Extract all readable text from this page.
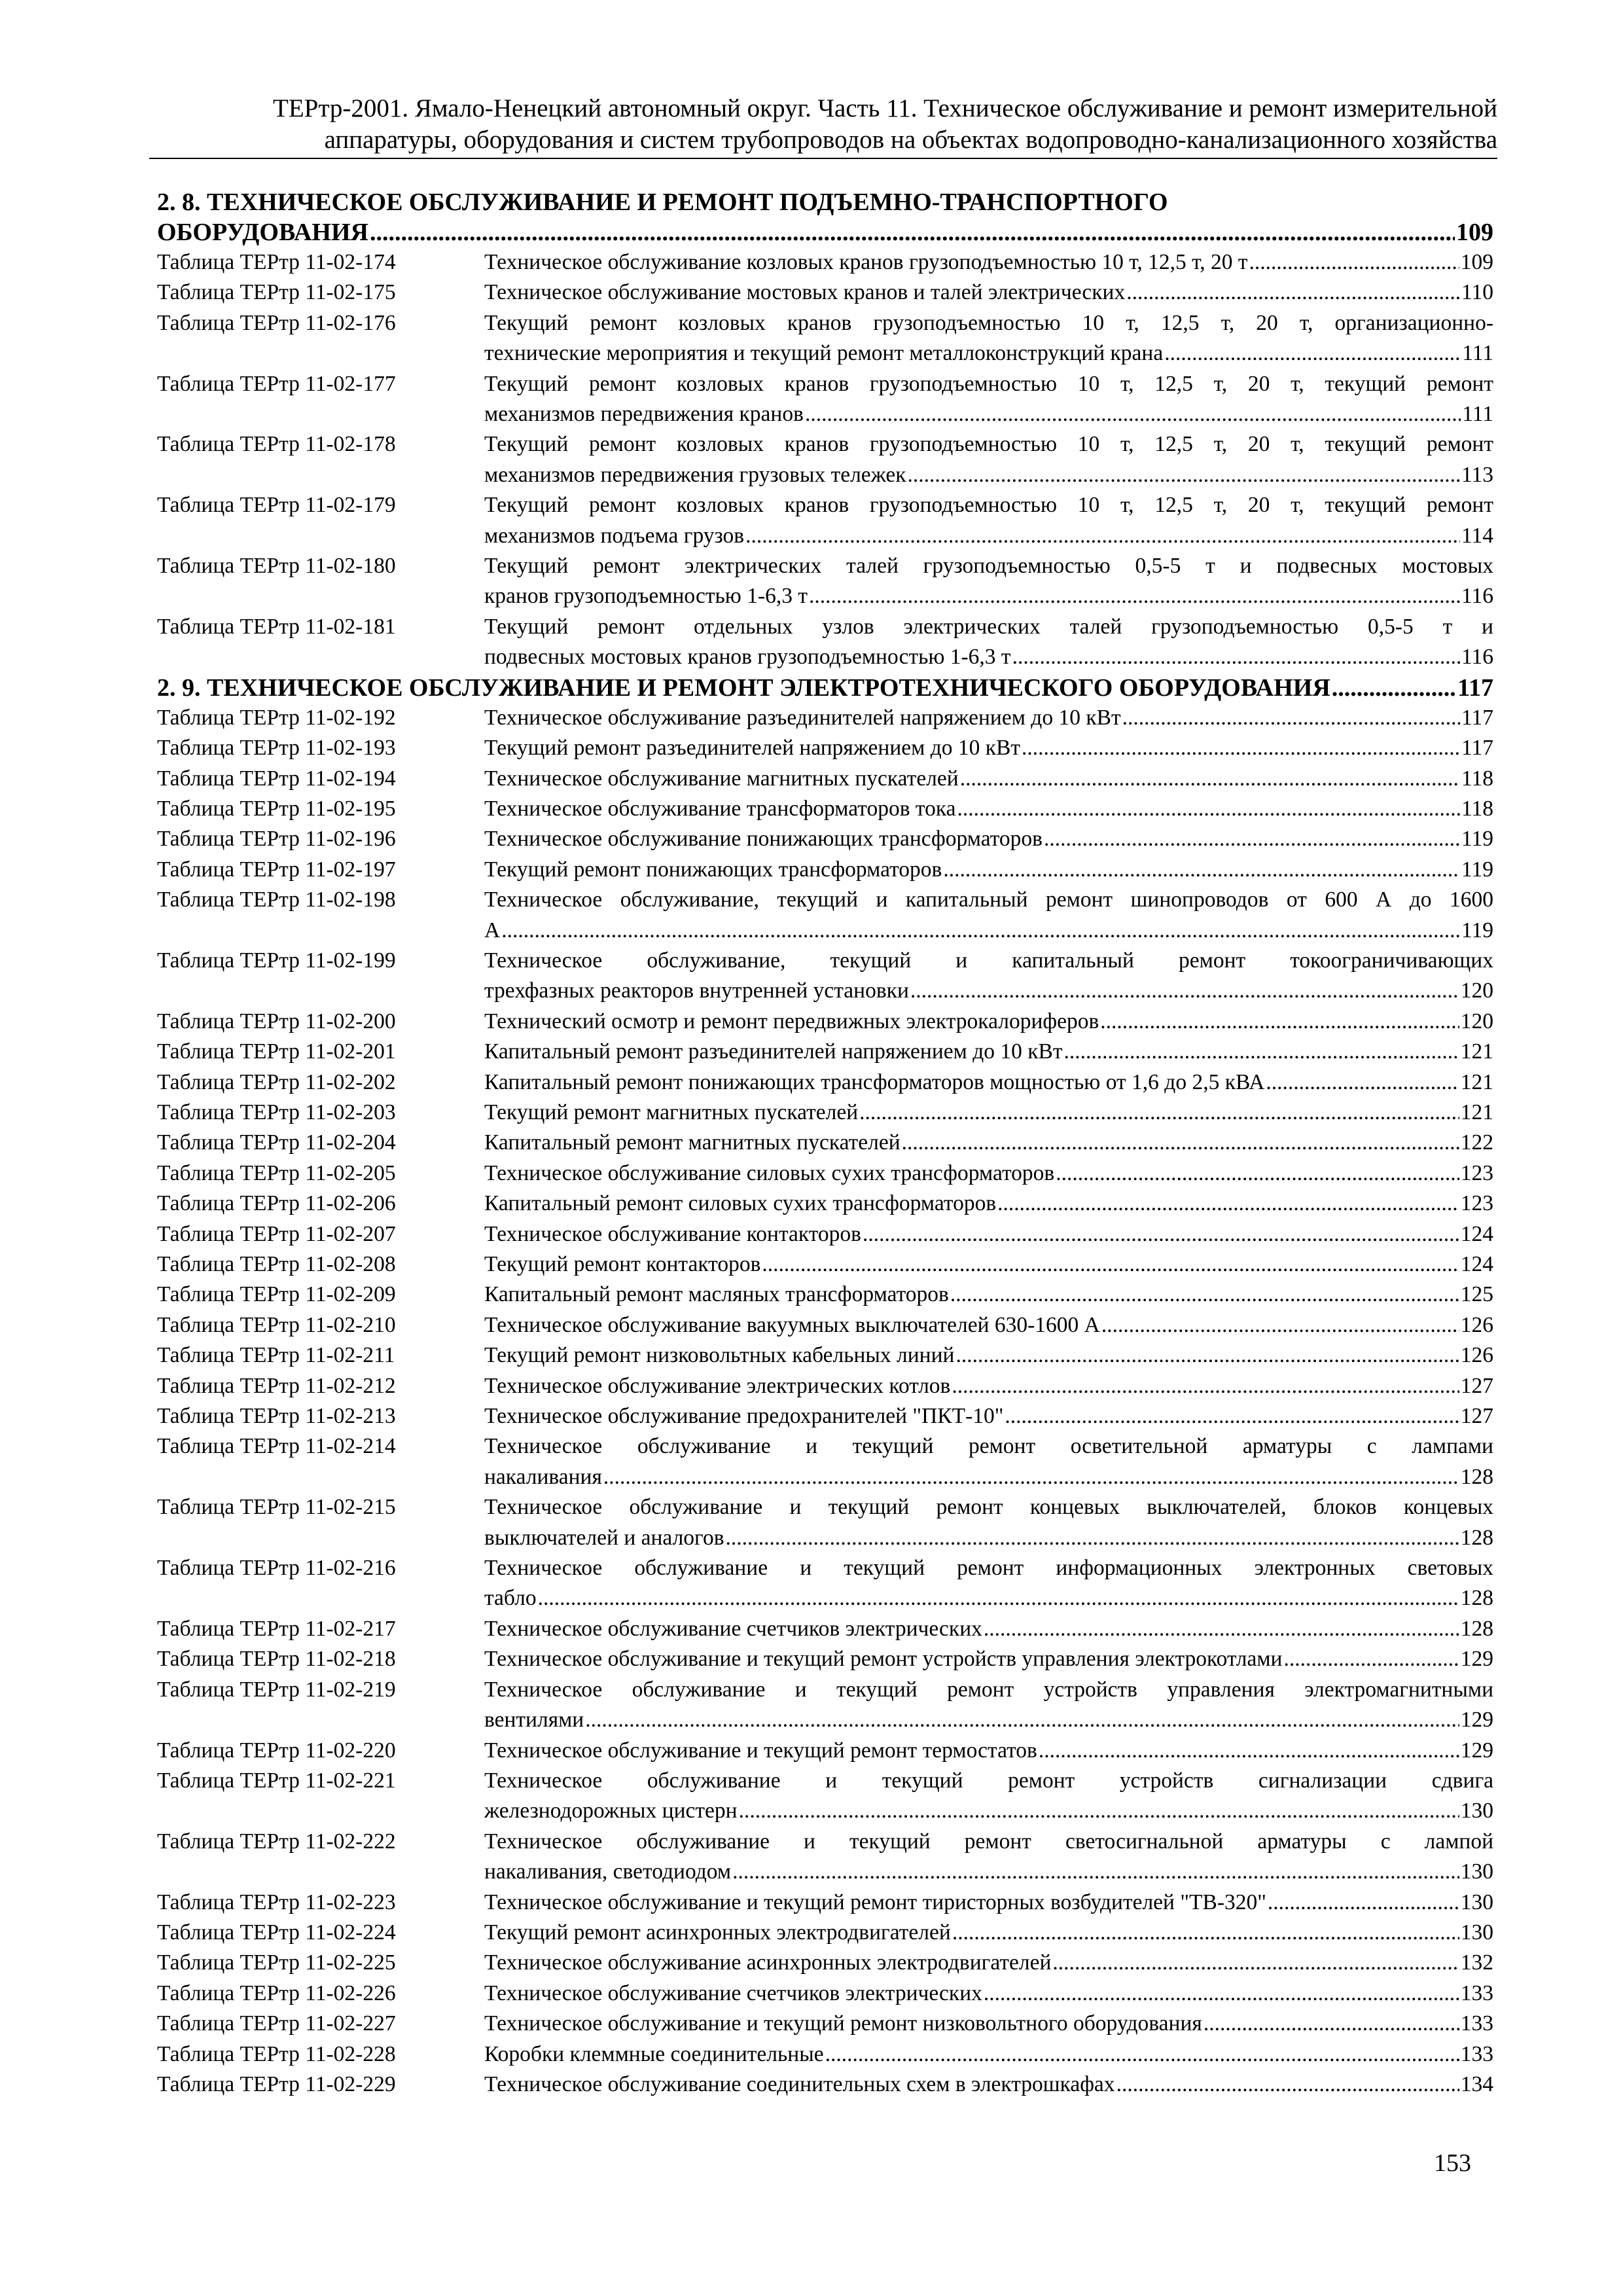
ТЕРтр-2001. Ямало-Ненецкий автономный округ. Часть 11. Техническое обслуживание и ремонт измерительной
аппаратуры, оборудования и систем трубопроводов на объектах водопроводно-канализационного хозяйства
2. 8. ТЕХНИЧЕСКОЕ ОБСЛУЖИВАНИЕ И РЕМОНТ ПОДЪЕМНО-ТРАНСПОРТНОГО
ОБОРУДОВАНИЯ .....	109
Таблица ТЕРтр 11-02-174	Техническое обслуживание козловых кранов грузоподъемностью 10 т, 12,5 т, 20 т .....	109
Таблица ТЕРтр 11-02-175	Техническое обслуживание мостовых кранов и талей электрических .....	110
Таблица ТЕРтр 11-02-176	Текущий ремонт козловых кранов грузоподъемностью 10 т, 12,5 т, 20 т, организационно-
технические мероприятия и текущий ремонт металлоконструкций крана .....	111
Таблица ТЕРтр 11-02-177	Текущий ремонт козловых кранов грузоподъемностью 10 т, 12,5 т, 20 т, текущий ремонт
механизмов передвижения кранов .....	111
Таблица ТЕРтр 11-02-178	Текущий ремонт козловых кранов грузоподъемностью 10 т, 12,5 т, 20 т, текущий ремонт
механизмов передвижения грузовых тележек .....	113
Таблица ТЕРтр 11-02-179	Текущий ремонт козловых кранов грузоподъемностью 10 т, 12,5 т, 20 т, текущий ремонт
механизмов подъема грузов .....	114
Таблица ТЕРтр 11-02-180	Текущий ремонт электрических талей грузоподъемностью 0,5-5 т и подвесных мостовых
кранов грузоподъемностью 1-6,3 т .....	116
Таблица ТЕРтр 11-02-181	Текущий ремонт отдельных узлов электрических талей грузоподъемностью 0,5-5 т и
подвесных мостовых кранов грузоподъемностью 1-6,3 т .....	116
2. 9. ТЕХНИЧЕСКОЕ ОБСЛУЖИВАНИЕ И РЕМОНТ ЭЛЕКТРОТЕХНИЧЕСКОГО ОБОРУДОВАНИЯ .....	117
Таблица ТЕРтр 11-02-192	Техническое обслуживание разъединителей напряжением до 10 кВт .....	117
Таблица ТЕРтр 11-02-193	Текущий ремонт разъединителей напряжением до 10 кВт .....	117
Таблица ТЕРтр 11-02-194	Техническое обслуживание магнитных пускателей .....	118
Таблица ТЕРтр 11-02-195	Техническое обслуживание трансформаторов тока .....	118
Таблица ТЕРтр 11-02-196	Техническое обслуживание понижающих трансформаторов .....	119
Таблица ТЕРтр 11-02-197	Текущий ремонт понижающих трансформаторов .....	119
Таблица ТЕРтр 11-02-198	Техническое обслуживание, текущий и капитальный ремонт шинопроводов от 600 А до 1600
А .....	119
Таблица ТЕРтр 11-02-199	Техническое обслуживание, текущий и капитальный ремонт токоограничивающих
трехфазных реакторов внутренней установки .....	120
Таблица ТЕРтр 11-02-200	Технический осмотр и ремонт передвижных электрокалориферов .....	120
Таблица ТЕРтр 11-02-201	Капитальный ремонт разъединителей напряжением до 10 кВт .....	121
Таблица ТЕРтр 11-02-202	Капитальный ремонт понижающих трансформаторов мощностью от 1,6 до 2,5 кВА .....	121
Таблица ТЕРтр 11-02-203	Текущий ремонт магнитных пускателей .....	121
Таблица ТЕРтр 11-02-204	Капитальный ремонт магнитных пускателей .....	122
Таблица ТЕРтр 11-02-205	Техническое обслуживание силовых сухих трансформаторов .....	123
Таблица ТЕРтр 11-02-206	Капитальный ремонт силовых сухих трансформаторов .....	123
Таблица ТЕРтр 11-02-207	Техническое обслуживание контакторов .....	124
Таблица ТЕРтр 11-02-208	Текущий ремонт контакторов .....	124
Таблица ТЕРтр 11-02-209	Капитальный ремонт масляных трансформаторов .....	125
Таблица ТЕРтр 11-02-210	Техническое обслуживание вакуумных выключателей 630-1600 А .....	126
Таблица ТЕРтр 11-02-211	Текущий ремонт низковольтных кабельных линий .....	126
Таблица ТЕРтр 11-02-212	Техническое обслуживание электрических котлов .....	127
Таблица ТЕРтр 11-02-213	Техническое обслуживание предохранителей "ПКТ-10" .....	127
Таблица ТЕРтр 11-02-214	Техническое обслуживание и текущий ремонт осветительной арматуры с лампами
накаливания .....	128
Таблица ТЕРтр 11-02-215	Техническое обслуживание и текущий ремонт концевых выключателей, блоков концевых
выключателей и аналогов .....	128
Таблица ТЕРтр 11-02-216	Техническое обслуживание и текущий ремонт информационных электронных световых
табло .....	128
Таблица ТЕРтр 11-02-217	Техническое обслуживание счетчиков электрических .....	128
Таблица ТЕРтр 11-02-218	Техническое обслуживание и текущий ремонт устройств управления электрокотлами .....	129
Таблица ТЕРтр 11-02-219	Техническое обслуживание и текущий ремонт устройств управления электромагнитными
вентилями .....	129
Таблица ТЕРтр 11-02-220	Техническое обслуживание и текущий ремонт термостатов .....	129
Таблица ТЕРтр 11-02-221	Техническое обслуживание и текущий ремонт устройств сигнализации сдвига
железнодорожных цистерн .....	130
Таблица ТЕРтр 11-02-222	Техническое обслуживание и текущий ремонт светосигнальной арматуры с лампой
накаливания, светодиодом .....	130
Таблица ТЕРтр 11-02-223	Техническое обслуживание и текущий ремонт тиристорных возбудителей "ТВ-320" .....	130
Таблица ТЕРтр 11-02-224	Текущий ремонт асинхронных электродвигателей .....	130
Таблица ТЕРтр 11-02-225	Техническое обслуживание асинхронных электродвигателей .....	132
Таблица ТЕРтр 11-02-226	Техническое обслуживание счетчиков электрических .....	133
Таблица ТЕРтр 11-02-227	Техническое обслуживание и текущий ремонт низковольтного оборудования .....	133
Таблица ТЕРтр 11-02-228	Коробки клеммные соединительные .....	133
Таблица ТЕРтр 11-02-229	Техническое обслуживание соединительных схем в электрошкафах .....	134
153
